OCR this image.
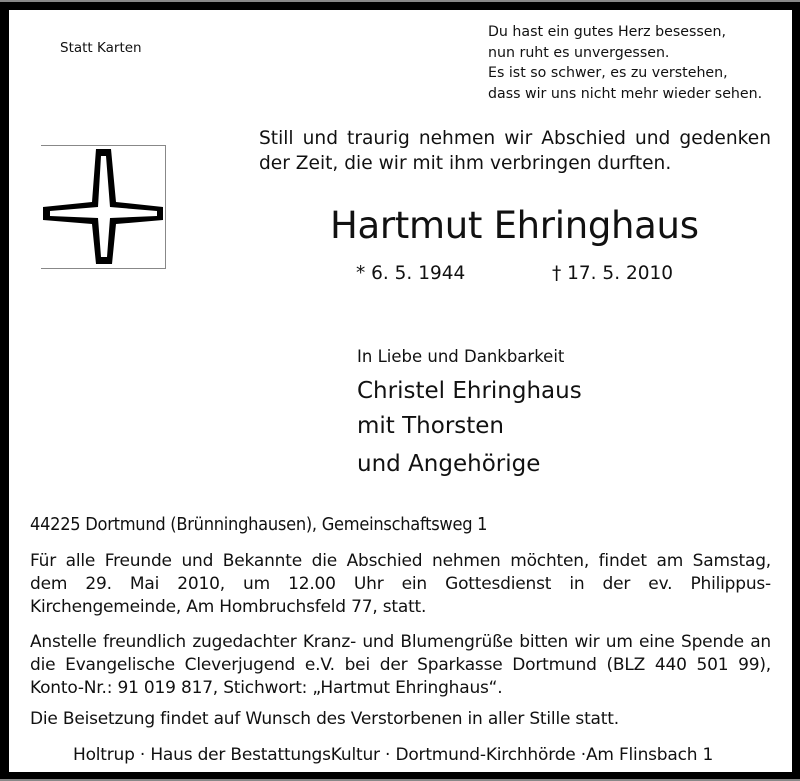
Statt Karten
Du hast ein gutes Herz besessen,
nun ruht es unvergessen.
Es ist so schwer, es zu verstehen,
dass wir uns nicht mehr wieder sehen.
Still und traurig nehmen wir Abschied und gedenken
der Zeit, die wir mit ihm verbringen durften.
Hartmut Ehringhaus
* 6. 5. 1944	† 17. 5. 2010
In Liebe und Dankbarkeit
Christel Ehringhaus
mit Thorsten
und Angehörige
44225 Dortmund (Brünninghausen), Gemeinschaftsweg 1
Für alle Freunde und Bekannte die Abschied nehmen möchten, findet am Samstag,
dem 29. Mai 2010, um 12.00 Uhr ein Gottesdienst in der ev. Philippus-
Kirchengemeinde, Am Hombruchsfeld 77, statt.
Anstelle freundlich zugedachter Kranz- und Blumengrüße bitten wir um eine Spende an
die Evangelische Cleverjugend e.V. bei der Sparkasse Dortmund (BLZ 440 501 99),
Konto-Nr.: 91 019 817, Stichwort: „Hartmut Ehringhaus“.
Die Beisetzung findet auf Wunsch des Verstorbenen in aller Stille statt.
Holtrup · Haus der BestattungsKultur · Dortmund-Kirchhörde ·Am Flinsbach 1
